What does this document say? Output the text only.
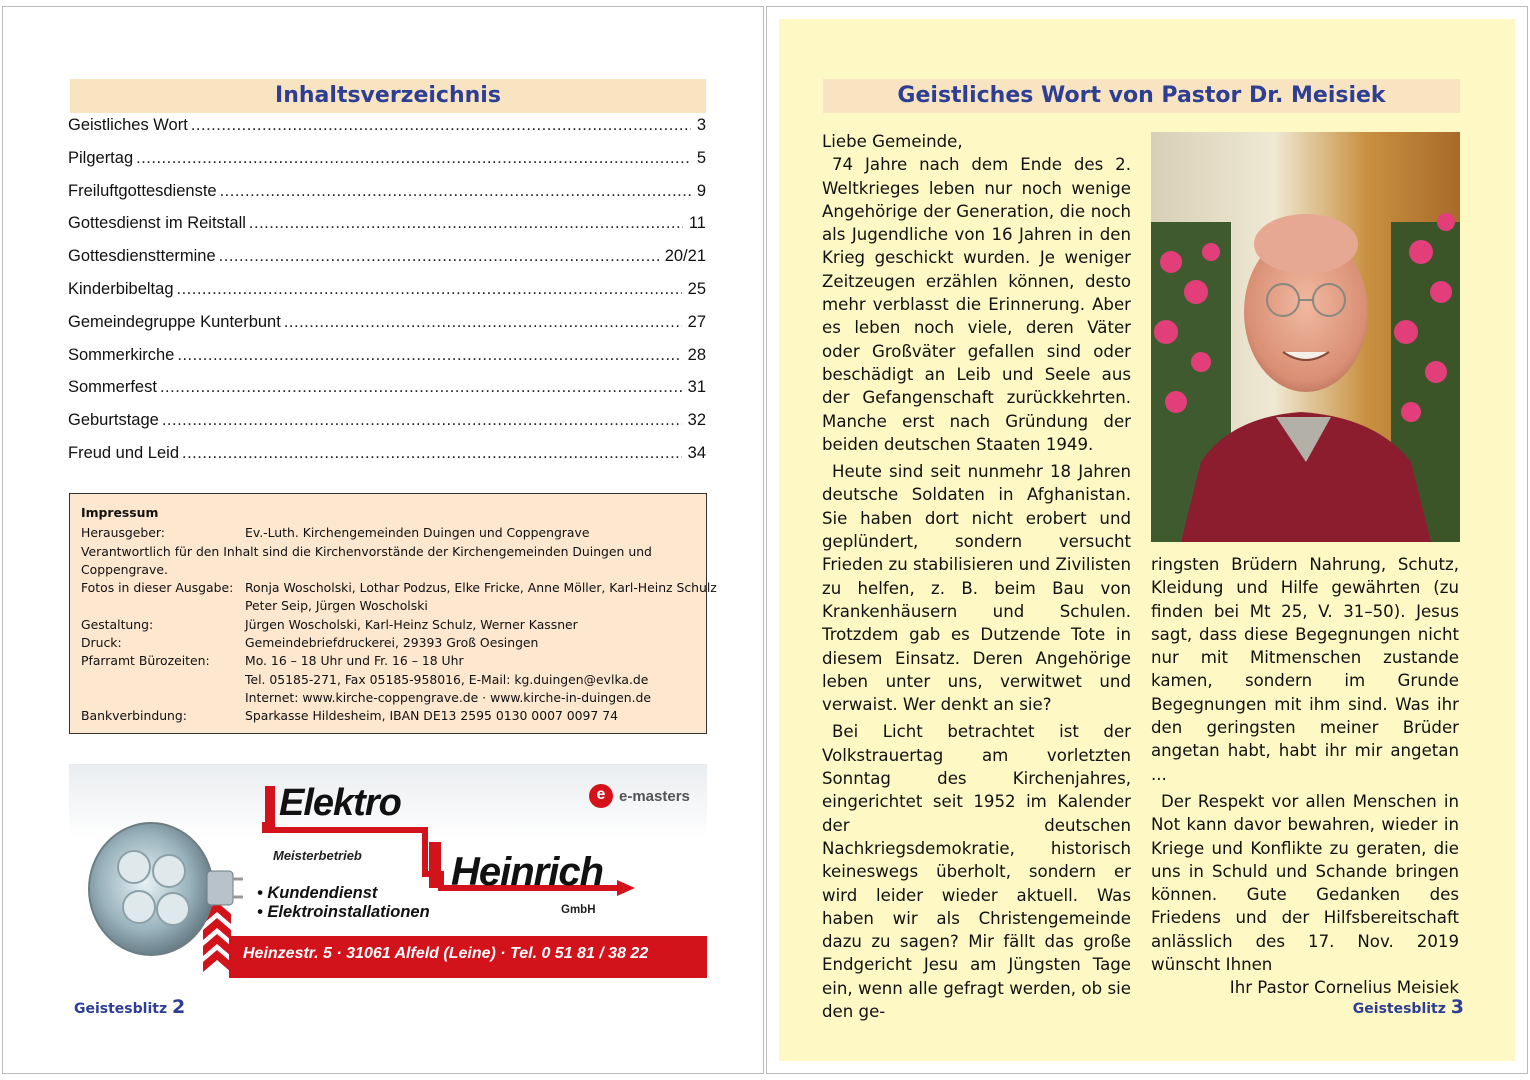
Inhaltsverzeichnis
Geistliches Wort .....	3
Pilgertag .....	5
Freiluftgottesdienste .....	9
Gottesdienst im Reitstall .....	11
Gottesdiensttermine .....	20/21
Kinderbibeltag .....	25
Gemeindegruppe Kunterbunt .....	27
Sommerkirche .....	28
Sommerfest .....	31
Geburtstage .....	32
Freud und Leid .....	34
Impressum
Herausgeber:	Ev.-Luth. Kirchengemeinden Duingen und Coppengrave
Verantwortlich für den Inhalt sind die Kirchenvorstände der Kirchengemeinden Duingen und Coppengrave.
Fotos in dieser Ausgabe: Ronja Woscholski, Lothar Podzus, Elke Fricke, Anne Möller, Karl-Heinz Schulz
Peter Seip, Jürgen Woscholski
Gestaltung:	Jürgen Woscholski, Karl-Heinz Schulz, Werner Kassner
Druck:	Gemeindebriefdruckerei, 29393 Groß Oesingen
Pfarramt Bürozeiten:	Mo. 16 – 18 Uhr und Fr. 16 – 18 Uhr
Tel. 05185-271, Fax 05185-958016, E-Mail: kg.duingen@evlka.de
Internet: www.kirche-coppengrave.de · www.kirche-in-duingen.de
Bankverbindung:	Sparkasse Hildesheim, IBAN DE13 2595 0130 0007 0097 74
Elektro
Meisterbetrieb Heinrich
• Kundendienst
• Elektroinstallationen	GmbH
e e-masters
Heinzestr. 5 · 31061 Alfeld (Leine) · Tel. 0 51 81 / 38 22
Geistesblitz 2
Geistliches Wort von Pastor Dr. Meisiek

Liebe Gemeinde,

74 Jahre nach dem Ende des 2. Weltkrieges leben nur noch wenige Angehörige der Generation, die noch als Jugendliche von 16 Jahren in den Krieg geschickt wurden. Je weniger Zeitzeugen erzählen können, desto mehr verblasst die Erinnerung. Aber es leben noch viele, deren Väter oder Großväter gefallen sind oder beschädigt an Leib und Seele aus der Gefangenschaft zurückkehrten. Manche erst nach Gründung der beiden deutschen Staaten 1949.

Heute sind seit nunmehr 18 Jahren deutsche Soldaten in Afghanistan. Sie haben dort nicht erobert und geplündert, sondern versucht Frieden zu stabilisieren und Zivilisten zu helfen, z. B. beim Bau von Krankenhäusern und Schulen. Trotzdem gab es Dutzende Tote in diesem Einsatz. Deren Angehörige leben unter uns, verwitwet und verwaist. Wer denkt an sie?

Bei Licht betrachtet ist der Volkstrauertag am vorletzten Sonntag des Kirchenjahres, eingerichtet seit 1952 im Kalender der deutschen Nachkriegsdemokratie, historisch keineswegs überholt, sondern er wird leider wieder aktuell. Was haben wir als Christengemeinde dazu zu sagen? Mir fällt das große Endgericht Jesu am Jüngsten Tage ein, wenn alle gefragt werden, ob sie den ge-

ringsten Brüdern Nahrung, Schutz, Kleidung und Hilfe gewährten (zu finden bei Mt 25, V. 31–50). Jesus sagt, dass diese Begegnungen nicht nur mit Mitmenschen zustande kamen, sondern im Grunde Begegnungen mit ihm sind. Was ihr den geringsten meiner Brüder angetan habt, habt ihr mir angetan ...

Der Respekt vor allen Menschen in Not kann davor bewahren, wieder in Kriege und Konflikte zu geraten, die uns in Schuld und Schande bringen können. Gute Gedanken des Friedens und der Hilfsbereitschaft anlässlich des 17. Nov. 2019 wünscht Ihnen

Ihr Pastor Cornelius Meisiek

Geistesblitz 3
